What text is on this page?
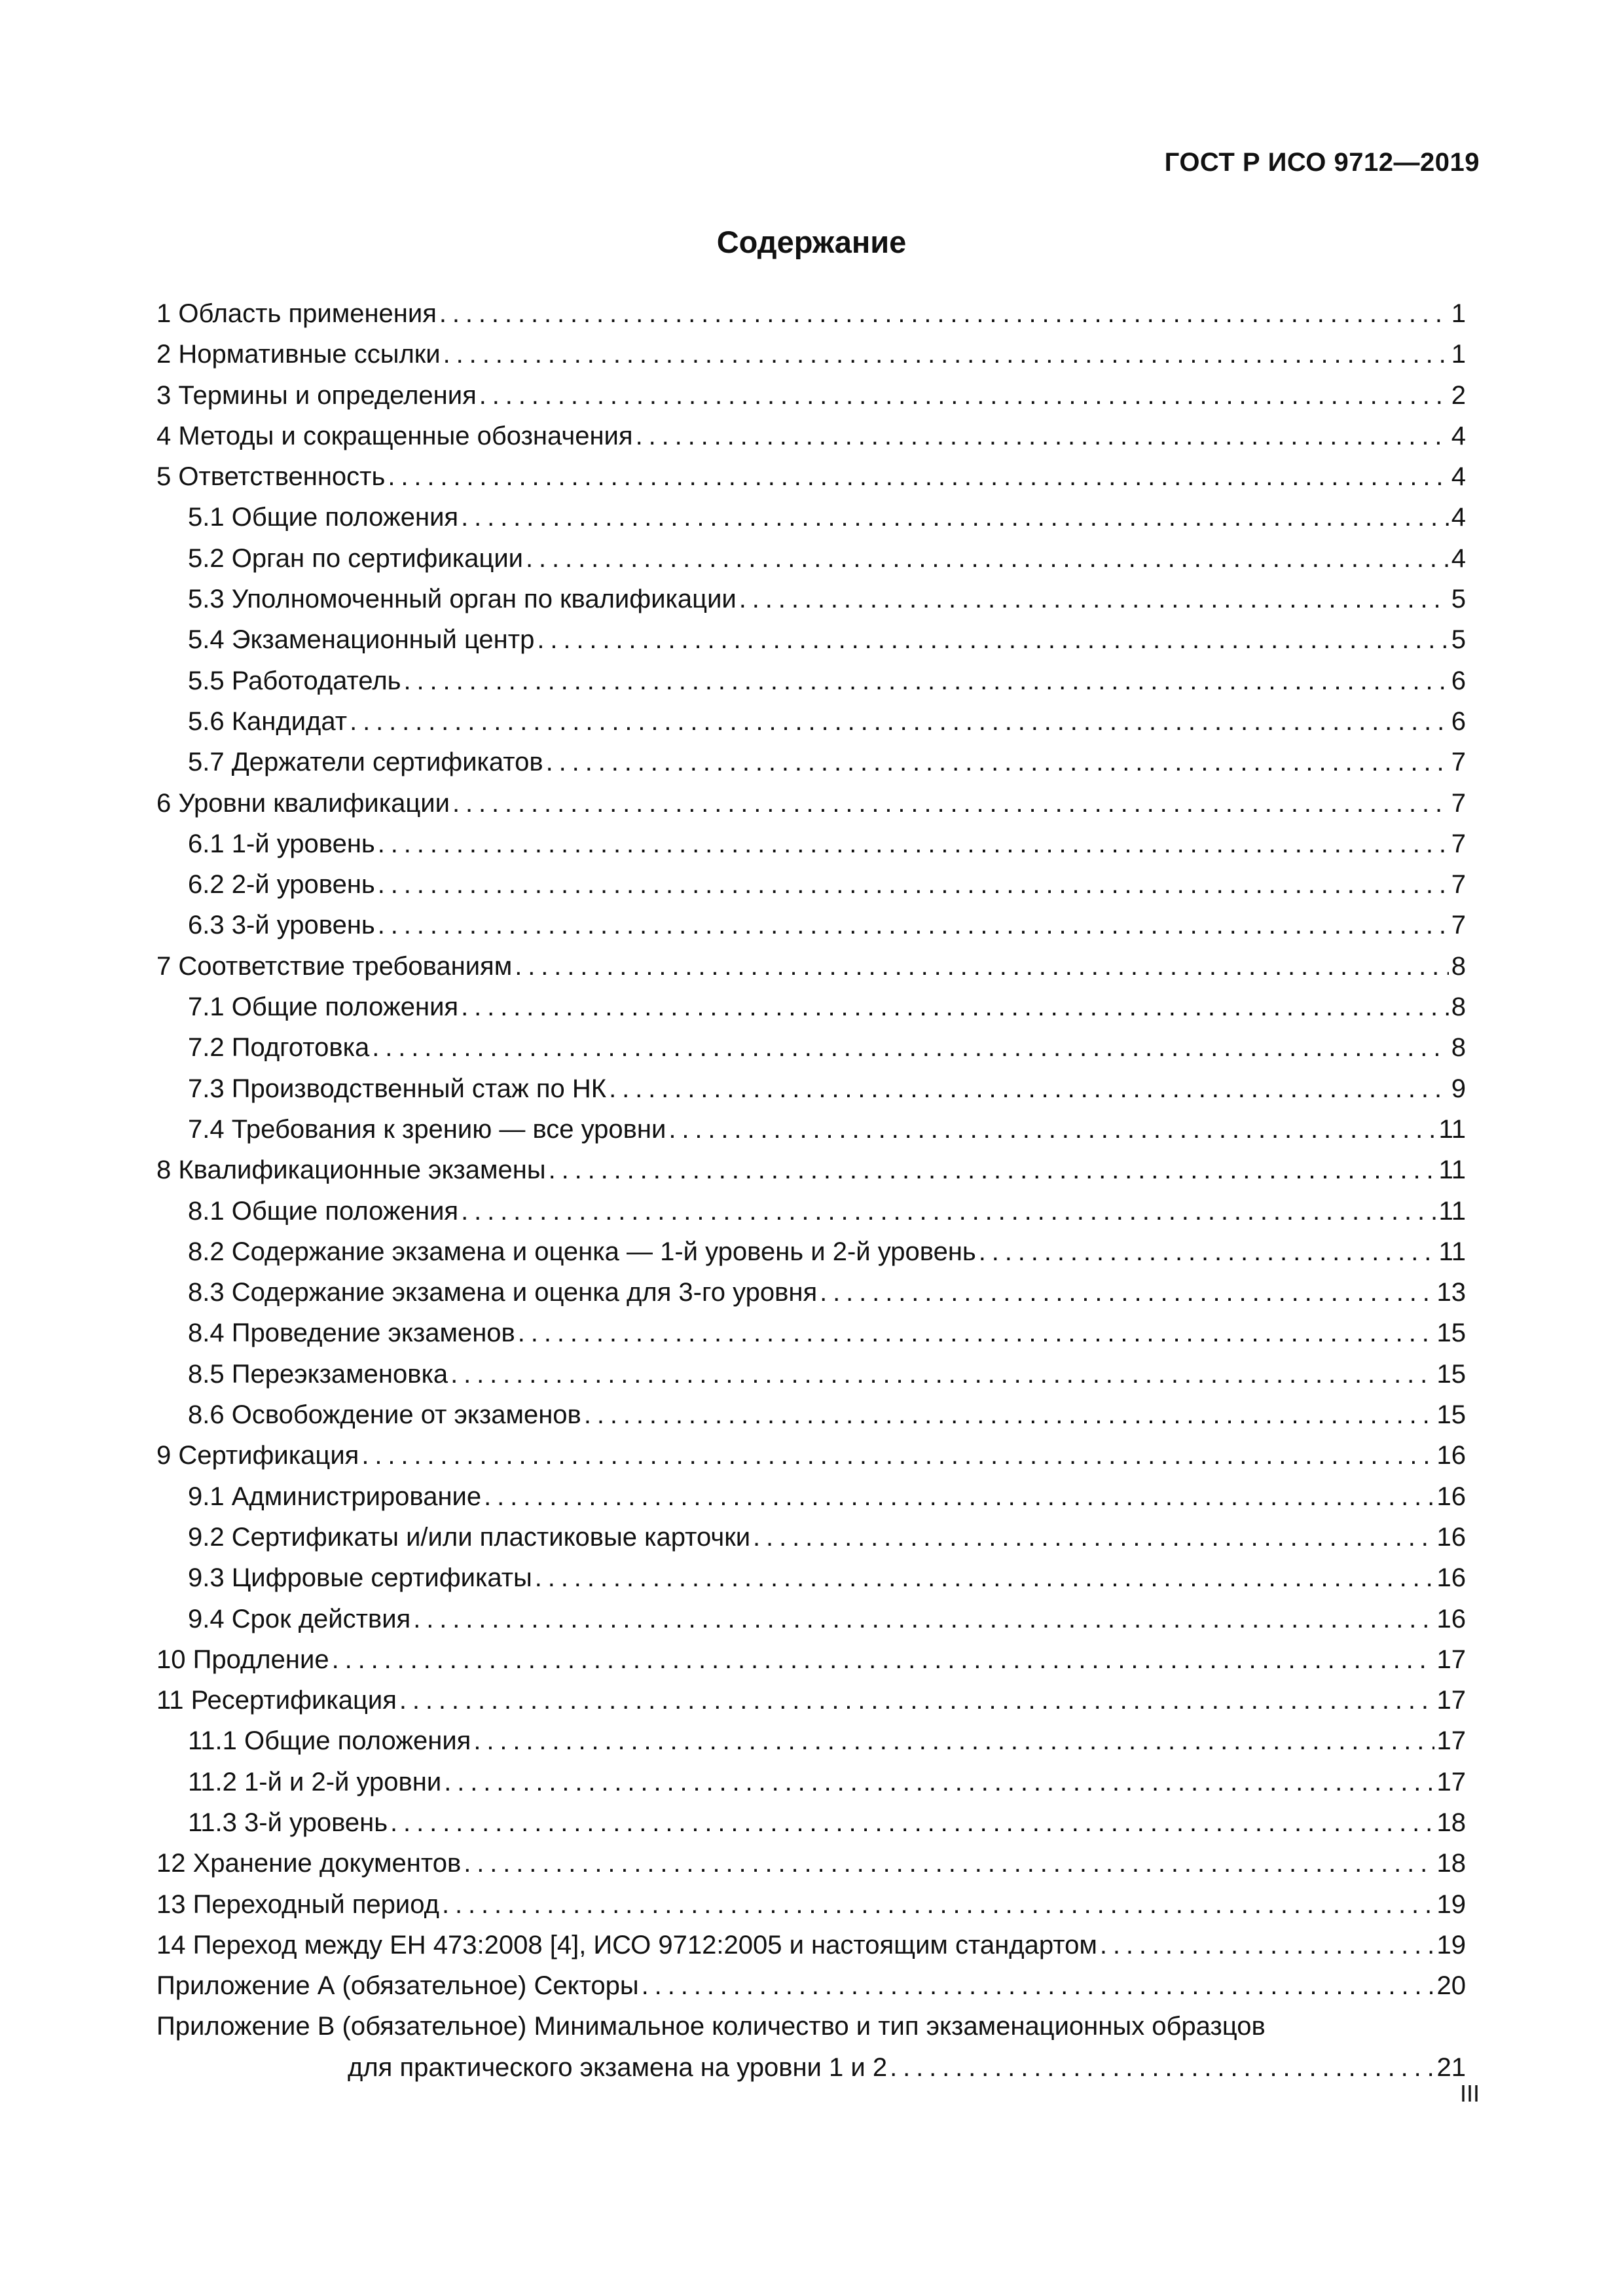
ГОСТ Р ИСО 9712—2019
Содержание
1 Область применения .....	1
2 Нормативные ссылки .....	1
3 Термины и определения .....	2
4 Методы и сокращенные обозначения .....	4
5 Ответственность .....	4
5.1 Общие положения .....	4
5.2 Орган по сертификации .....	4
5.3 Уполномоченный орган по квалификации .....	5
5.4 Экзаменационный центр .....	5
5.5 Работодатель .....	6
5.6 Кандидат .....	6
5.7 Держатели сертификатов .....	7
6 Уровни квалификации .....	7
6.1 1-й уровень .....	7
6.2 2-й уровень .....	7
6.3 3-й уровень .....	7
7 Соответствие требованиям .....	8
7.1 Общие положения .....	8
7.2 Подготовка .....	8
7.3 Производственный стаж по НК .....	9
7.4 Требования к зрению — все уровни .....	11
8 Квалификационные экзамены .....	11
8.1 Общие положения .....	11
8.2 Содержание экзамена и оценка — 1-й уровень и 2-й уровень .....	11
8.3 Содержание экзамена и оценка для 3-го уровня .....	13
8.4 Проведение экзаменов .....	15
8.5 Переэкзаменовка .....	15
8.6 Освобождение от экзаменов .....	15
9 Сертификация .....	16
9.1 Администрирование .....	16
9.2 Сертификаты и/или пластиковые карточки .....	16
9.3 Цифровые сертификаты .....	16
9.4 Срок действия .....	16
10 Продление .....	17
11 Ресертификация .....	17
11.1 Общие положения .....	17
11.2 1-й и 2-й уровни .....	17
11.3 3-й уровень .....	18
12 Хранение документов .....	18
13 Переходный период .....	19
14 Переход между ЕН 473:2008 [4], ИСО 9712:2005 и настоящим стандартом .....	19
Приложение А (обязательное) Секторы .....	20
Приложение В (обязательное) Минимальное количество и тип экзаменационных образцов
для практического экзамена на уровни 1 и 2 .....	21
III
